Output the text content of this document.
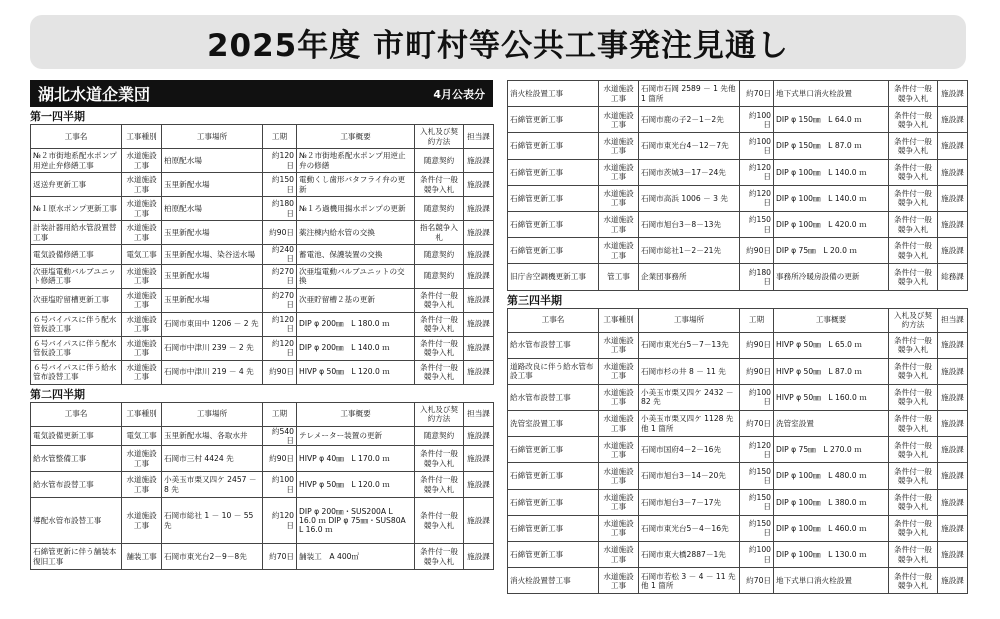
2025年度 市町村等公共工事発注見通し
湖北水道企業団	4月公表分
第一四半期
工事名	工事種別	工事場所	工期	工事概要	入札及び契約方法	担当課
№２市街地系配水ポンプ用逆止弁修繕工事	水道施設工事	柏原配水場	約120日	№２市街地系配水ポンプ用逆止弁の修繕	随意契約	施設課
返送弁更新工事	水道施設工事	玉里新配水場	約150日	電動くし歯形バタフライ弁の更新	条件付一般競争入札	施設課
№１原水ポンプ更新工事	水道施設工事	柏原配水場	約180日	№１ろ過機用揚水ポンプの更新	随意契約	施設課
計装計器用給水管設置替工事	水道施設工事	玉里新配水場	約90日	薬注棟内給水管の交換	指名競争入札	施設課
電気設備修繕工事	電気工事	玉里新配水場、染谷送水場	約240日	蓄電池、保護装置の交換	随意契約	施設課
次亜塩電動バルブユニット修繕工事	水道施設工事	玉里新配水場	約270日	次亜塩電動バルブユニットの交換	随意契約	施設課
次亜塩貯留槽更新工事	水道施設工事	玉里新配水場	約270日	次亜貯留槽２基の更新	条件付一般競争入札	施設課
６号バイパスに伴う配水管仮設工事	水道施設工事	石岡市東田中 1206 － 2 先	約120日	DIP φ 200㎜　L 180.0 ｍ	条件付一般競争入札	施設課
６号バイパスに伴う配水管仮設工事	水道施設工事	石岡市中津川 239 － 2 先	約120日	DIP φ 200㎜　L 140.0 ｍ	条件付一般競争入札	施設課
６号バイパスに伴う給水管布設替工事	水道施設工事	石岡市中津川 219 － 4 先	約90日	HIVP φ 50㎜　L 120.0 ｍ	条件付一般競争入札	施設課
第二四半期
工事名	工事種別	工事場所	工期	工事概要	入札及び契約方法	担当課
電気設備更新工事	電気工事	玉里新配水場、各取水井	約540日	テレメーター装置の更新	随意契約	施設課
給水管整備工事	水道施設工事	石岡市三村 4424 先	約90日	HIVP φ 40㎜　L 170.0 ｍ	条件付一般競争入札	施設課
給水管布設替工事	水道施設工事	小美玉市栗又四ケ 2457 － 8 先	約100日	HIVP φ 50㎜　L 120.0 ｍ	条件付一般競争入札	施設課
導配水管布設替工事	水道施設工事	石岡市総社 1 － 10 － 55 先	約120日	DIP φ 200㎜・SUS200A L 16.0 ｍ DIP φ 75㎜・SUS80A L 16.0 ｍ	条件付一般競争入札	施設課
石綿管更新に伴う舗装本復旧工事	舗装工事	石岡市東光台2－9－8先	約70日	舗装工　A 400㎡	条件付一般競争入札	施設課
消火栓設置工事	水道施設工事	石岡市石岡 2589 － 1 先他 1 箇所	約70日	地下式単口消火栓設置	条件付一般競争入札	施設課
石綿管更新工事	水道施設工事	石岡市鹿の子2－1－2先	約100日	DIP φ 150㎜　L 64.0 ｍ	条件付一般競争入札	施設課
石綿管更新工事	水道施設工事	石岡市東光台4－12－7先	約100日	DIP φ 150㎜　L 87.0 ｍ	条件付一般競争入札	施設課
石綿管更新工事	水道施設工事	石岡市茨城3－17－24先	約120日	DIP φ 100㎜　L 140.0 ｍ	条件付一般競争入札	施設課
石綿管更新工事	水道施設工事	石岡市高浜 1006 － 3 先	約120日	DIP φ 100㎜　L 140.0 ｍ	条件付一般競争入札	施設課
石綿管更新工事	水道施設工事	石岡市旭台3－8－13先	約150日	DIP φ 100㎜　L 420.0 ｍ	条件付一般競争入札	施設課
石綿管更新工事	水道施設工事	石岡市総社1－2－21先	約90日	DIP φ 75㎜　L 20.0 ｍ	条件付一般競争入札	施設課
旧庁舎空調機更新工事	管工事	企業団事務所	約180日	事務所冷暖房設備の更新	条件付一般競争入札	総務課
第三四半期
工事名	工事種別	工事場所	工期	工事概要	入札及び契約方法	担当課
給水管布設替工事	水道施設工事	石岡市東光台5－7－13先	約90日	HIVP φ 50㎜　L 65.0 ｍ	条件付一般競争入札	施設課
道路改良に伴う給水管布設工事	水道施設工事	石岡市杉の井 8 － 11 先	約90日	HIVP φ 50㎜　L 87.0 ｍ	条件付一般競争入札	施設課
給水管布設替工事	水道施設工事	小美玉市栗又四ケ 2432 － 82 先	約100日	HIVP φ 50㎜　L 160.0 ｍ	条件付一般競争入札	施設課
洗管室設置工事	水道施設工事	小美玉市栗又四ケ 1128 先他 1 箇所	約70日	洗管室設置	条件付一般競争入札	施設課
石綿管更新工事	水道施設工事	石岡市国府4－2－16先	約120日	DIP φ 75㎜　L 270.0 ｍ	条件付一般競争入札	施設課
石綿管更新工事	水道施設工事	石岡市旭台3－14－20先	約150日	DIP φ 100㎜　L 480.0 ｍ	条件付一般競争入札	施設課
石綿管更新工事	水道施設工事	石岡市旭台3－7－17先	約150日	DIP φ 100㎜　L 380.0 ｍ	条件付一般競争入札	施設課
石綿管更新工事	水道施設工事	石岡市東光台5－4－16先	約150日	DIP φ 100㎜　L 460.0 ｍ	条件付一般競争入札	施設課
石綿管更新工事	水道施設工事	石岡市東大橋2887－1先	約100日	DIP φ 100㎜　L 130.0 ｍ	条件付一般競争入札	施設課
消火栓設置替工事	水道施設工事	石岡市若松 3 － 4 － 11 先他 1 箇所	約70日	地下式単口消火栓設置	条件付一般競争入札	施設課
